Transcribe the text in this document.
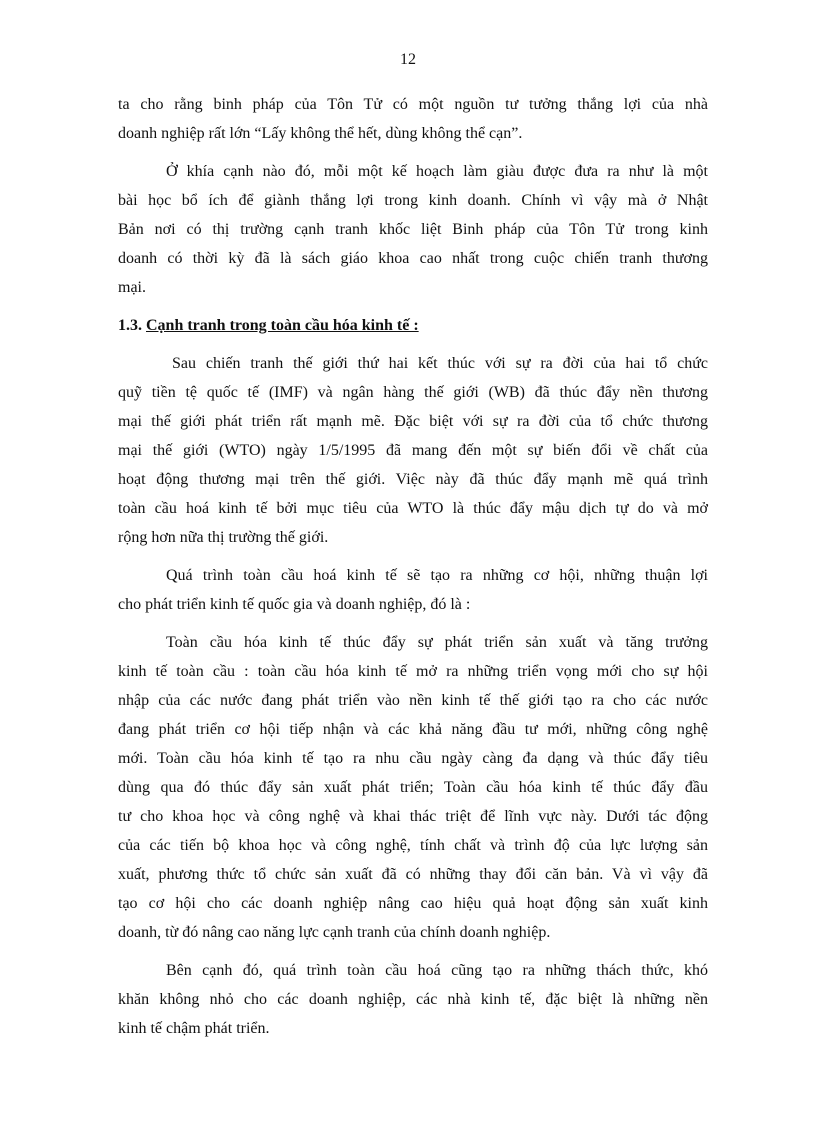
12

ta cho rằng binh pháp của Tôn Tử có một nguồn tư tưởng thắng lợi của nhà
doanh nghiệp rất lớn “Lấy không thể hết, dùng không thể cạn”.

Ở khía cạnh nào đó, mỗi một kế hoạch làm giàu được đưa ra như là một
bài học bổ ích để giành thắng lợi trong kinh doanh. Chính vì vậy mà ở Nhật
Bản nơi có thị trường cạnh tranh khốc liệt Binh pháp của Tôn Tử trong kinh
doanh có thời kỳ đã là sách giáo khoa cao nhất trong cuộc chiến tranh thương
mại.

1.3. Cạnh tranh trong toàn cầu hóa kinh tế :

Sau chiến tranh thế giới thứ hai kết thúc với sự ra đời của hai tổ chức
quỹ tiền tệ quốc tế (IMF) và ngân hàng thế giới (WB) đã thúc đẩy nền thương
mại thế giới phát triển rất mạnh mẽ. Đặc biệt với sự ra đời của tổ chức thương
mại thế giới (WTO) ngày 1/5/1995 đã mang đến một sự biến đổi về chất của
hoạt động thương mại trên thế giới. Việc này đã thúc đẩy mạnh mẽ quá trình
toàn cầu hoá kinh tế bởi mục tiêu của WTO là thúc đẩy mậu dịch tự do và mở
rộng hơn nữa thị trường thế giới.

Quá trình toàn cầu hoá kinh tế sẽ tạo ra những cơ hội, những thuận lợi
cho phát triển kinh tế quốc gia và doanh nghiệp, đó là :

Toàn cầu hóa kinh tế thúc đẩy sự phát triển sản xuất và tăng trưởng
kinh tế toàn cầu : toàn cầu hóa kinh tế mở ra những triển vọng mới cho sự hội
nhập của các nước đang phát triển vào nền kinh tế thế giới tạo ra cho các nước
đang phát triển cơ hội tiếp nhận và các khả năng đầu tư mới, những công nghệ
mới. Toàn cầu hóa kinh tế tạo ra nhu cầu ngày càng đa dạng và thúc đẩy tiêu
dùng qua đó thúc đẩy sản xuất phát triển; Toàn cầu hóa kinh tế thúc đẩy đầu
tư cho khoa học và công nghệ và khai thác triệt để lĩnh vực này. Dưới tác động
của các tiến bộ khoa học và công nghệ, tính chất và trình độ của lực lượng sản
xuất, phương thức tổ chức sản xuất đã có những thay đổi căn bản. Và vì vậy đã
tạo cơ hội cho các doanh nghiệp nâng cao hiệu quả hoạt động sản xuất kinh
doanh, từ đó nâng cao năng lực cạnh tranh của chính doanh nghiệp.

Bên cạnh đó, quá trình toàn cầu hoá cũng tạo ra những thách thức, khó
khăn không nhỏ cho các doanh nghiệp, các nhà kinh tế, đặc biệt là những nền
kinh tế chậm phát triển.
